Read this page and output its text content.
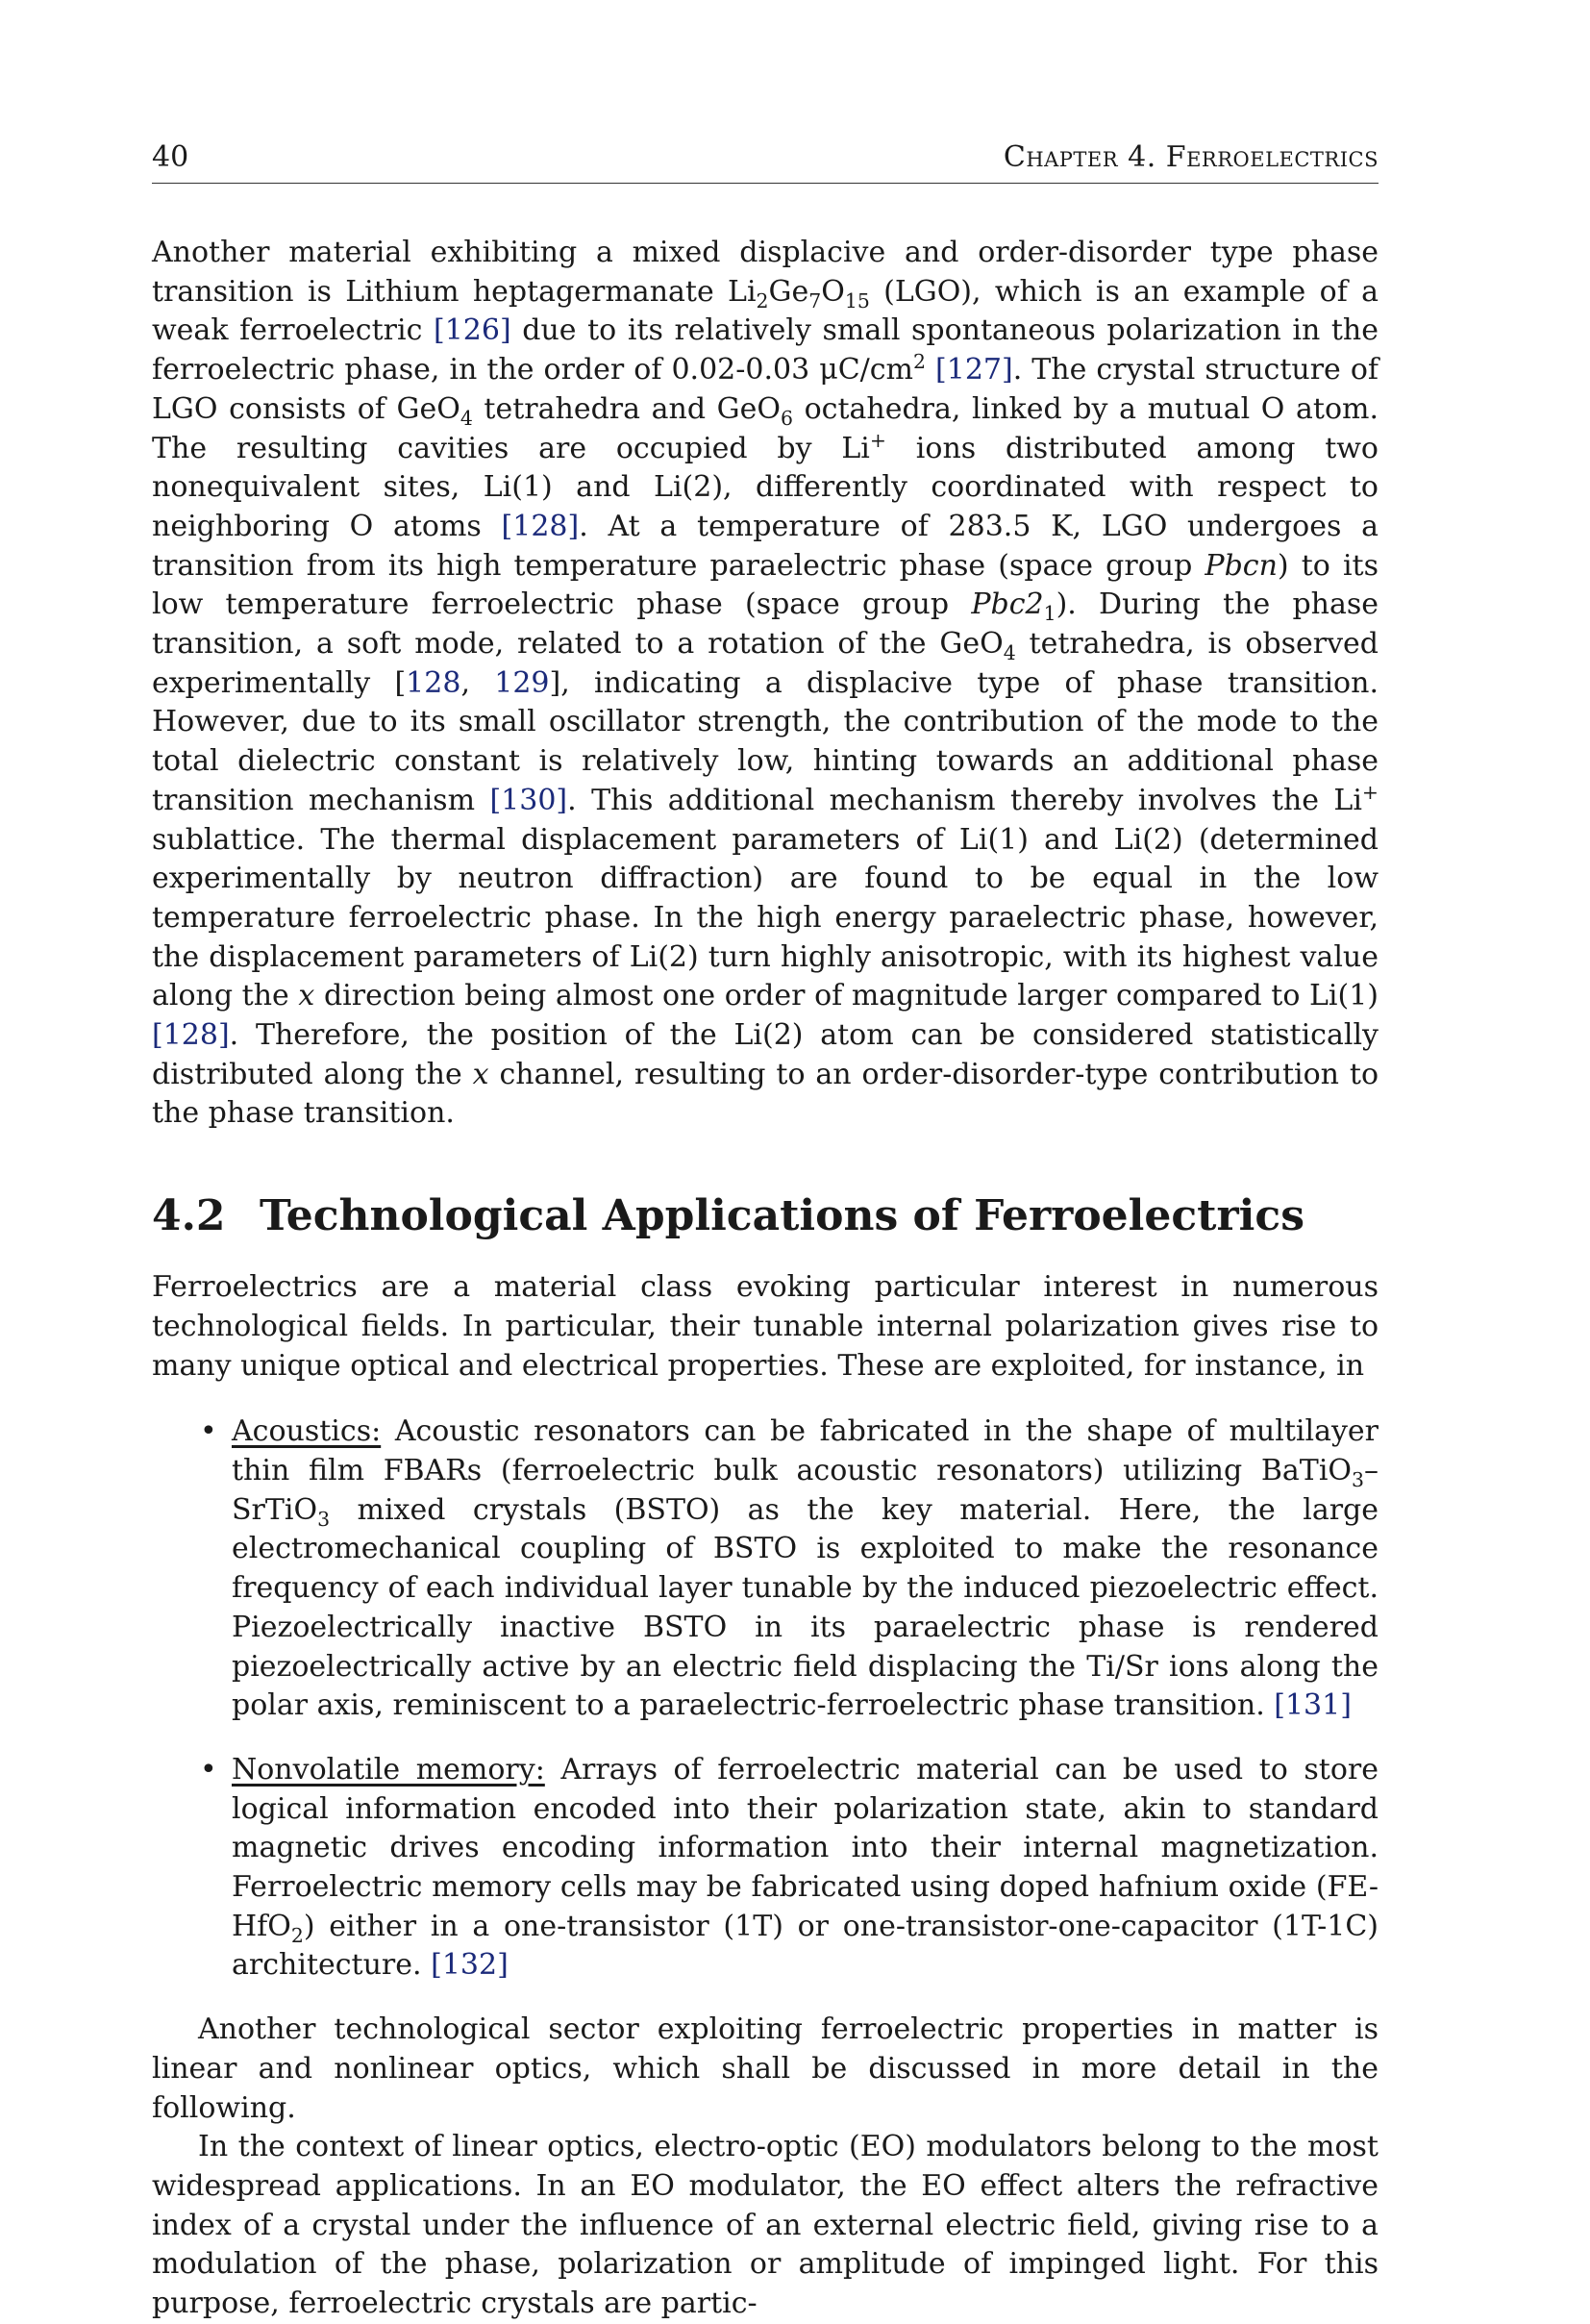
40	Chapter 4. Ferroelectrics

Another material exhibiting a mixed displacive and order-disorder type phase transition is Lithium heptagermanate $Li_2Ge_7O_{15}$ (LGO), which is an example of a weak ferroelectric [126] due to its relatively small spontaneous polarization in the ferroelectric phase, in the order of 0.02-0.03 $\mu C/cm^2$ [127]. The crystal structure of LGO consists of GeO$_4$ tetrahedra and GeO$_6$ octahedra, linked by a mutual O atom. The resulting cavities are occupied by Li+ ions distributed among two nonequivalent sites, Li(1) and Li(2), differently coordinated with respect to neighboring O atoms [128]. At a temperature of 283.5 K, LGO undergoes a transition from its high temperature paraelectric phase (space group Pbcn) to its low temperature ferroelectric phase (space group $Pbc2_1$). During the phase transition, a soft mode, related to a rotation of the GeO$_4$ tetrahedra, is observed experimentally [128, 129], indicating a displacive type of phase transition. However, due to its small oscillator strength, the contribution of the mode to the total dielectric constant is relatively low, hinting towards an additional phase transition mechanism [130]. This additional mechanism thereby involves the Li+ sublattice. The thermal displacement parameters of Li(1) and Li(2) (determined experimentally by neutron diffraction) are found to be equal in the low temperature ferroelectric phase. In the high energy paraelectric phase, however, the displacement parameters of Li(2) turn highly anisotropic, with its highest value along the x direction being almost one order of magnitude larger compared to Li(1) [128]. Therefore, the position of the Li(2) atom can be considered statistically distributed along the x channel, resulting to an order-disorder-type contribution to the phase transition.

4.2 Technological Applications of Ferroelectrics

Ferroelectrics are a material class evoking particular interest in numerous technological fields. In particular, their tunable internal polarization gives rise to many unique optical and electrical properties. These are exploited, for instance, in

• Acoustics: Acoustic resonators can be fabricated in the shape of multilayer thin film FBARs (ferroelectric bulk acoustic resonators) utilizing BaTiO$_3$–SrTiO$_3$ mixed crystals (BSTO) as the key material. Here, the large electromechanical coupling of BSTO is exploited to make the resonance frequency of each individual layer tunable by the induced piezoelectric effect. Piezoelectrically inactive BSTO in its paraelectric phase is rendered piezoelectrically active by an electric field displacing the Ti/Sr ions along the polar axis, reminiscent to a paraelectric-ferroelectric phase transition. [131]

• Nonvolatile memory: Arrays of ferroelectric material can be used to store logical information encoded into their polarization state, akin to standard magnetic drives encoding information into their internal magnetization. Ferroelectric memory cells may be fabricated using doped hafnium oxide (FE-HfO$_2$) either in a one-transistor (1T) or one-transistor-one-capacitor (1T-1C) architecture. [132]

Another technological sector exploiting ferroelectric properties in matter is linear and nonlinear optics, which shall be discussed in more detail in the following.

In the context of linear optics, electro-optic (EO) modulators belong to the most widespread applications. In an EO modulator, the EO effect alters the refractive index of a crystal under the influence of an external electric field, giving rise to a modulation of the phase, polarization or amplitude of impinged light. For this purpose, ferroelectric crystals are partic-
